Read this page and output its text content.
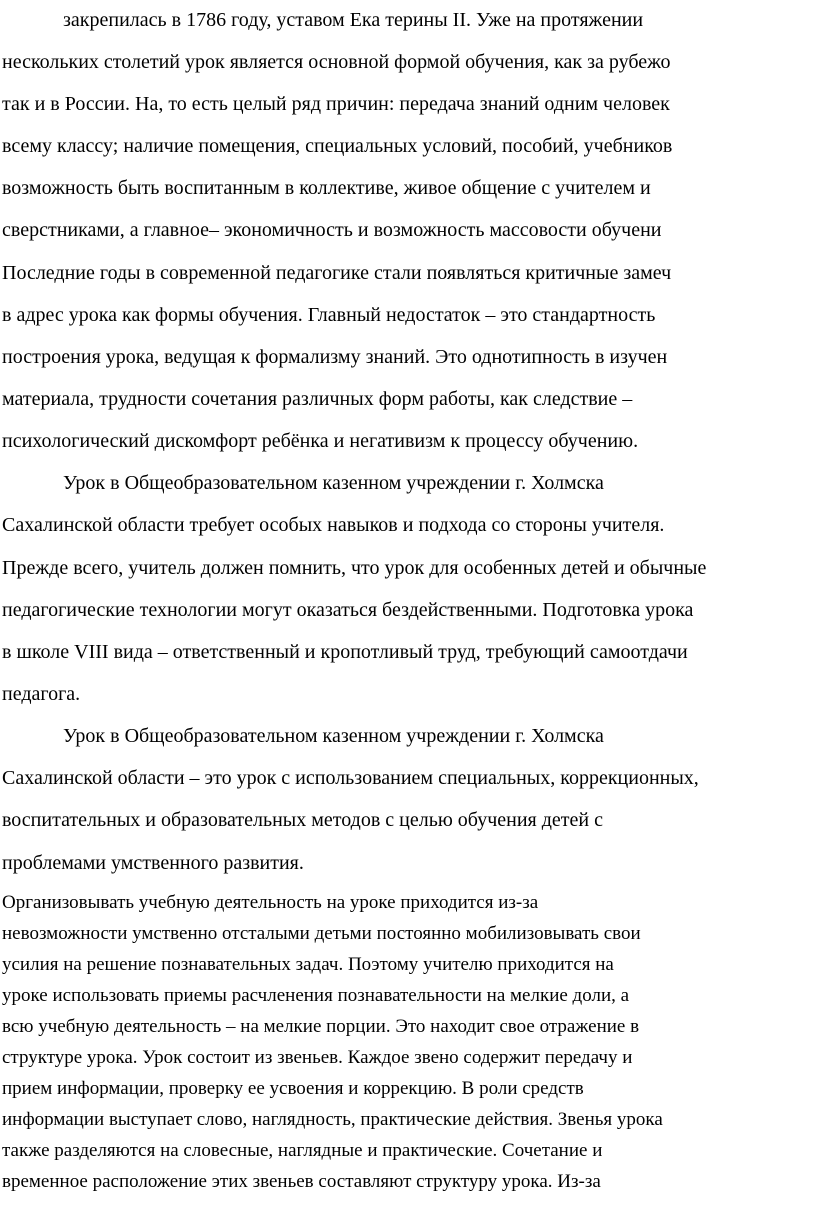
закрепилась в 1786 году, уставом Ека терины II. Уже на протяжении
нескольких столетий урок является основной формой обучения, как за рубежо
так и в России. На, то есть целый ряд причин: передача знаний одним человек
всему классу; наличие помещения, специальных условий, пособий, учебников
возможность быть воспитанным в коллективе, живое общение с учителем и
сверстниками, а главное– экономичность и возможность массовости обучени
Последние годы в современной педагогике стали появляться критичные замеч
в адрес урока как формы обучения. Главный недостаток – это стандартность
построения урока, ведущая к формализму знаний. Это однотипность в изучен
материала, трудности сочетания различных форм работы, как следствие –
психологический дискомфорт ребёнка и негативизм к процессу обучению.
Урок в Общеобразовательном казенном учреждении г. Холмска
Сахалинской области требует особых навыков и подхода со стороны учителя.
Прежде всего, учитель должен помнить, что урок для особенных детей и обычные
педагогические технологии могут оказаться бездейственными. Подготовка урока
в школе VIII вида – ответственный и кропотливый труд, требующий самоотдачи
педагога.
Урок в Общеобразовательном казенном учреждении г. Холмска
Сахалинской области – это урок с использованием специальных, коррекционных,
воспитательных и образовательных методов с целью обучения детей с
проблемами умственного развития.
Организовывать учебную деятельность на уроке приходится из-за
невозможности умственно отсталыми детьми постоянно мобилизовывать свои
усилия на решение познавательных задач. Поэтому учителю приходится на
уроке использовать приемы расчленения познавательности на мелкие доли, а
всю учебную деятельность – на мелкие порции. Это находит свое отражение в
структуре урока. Урок состоит из звеньев. Каждое звено содержит передачу и
прием информации, проверку ее усвоения и коррекцию. В роли средств
информации выступает слово, наглядность, практические действия. Звенья урока
также разделяются на словесные, наглядные и практические. Сочетание и
временное расположение этих звеньев составляют структуру урока. Из-за
